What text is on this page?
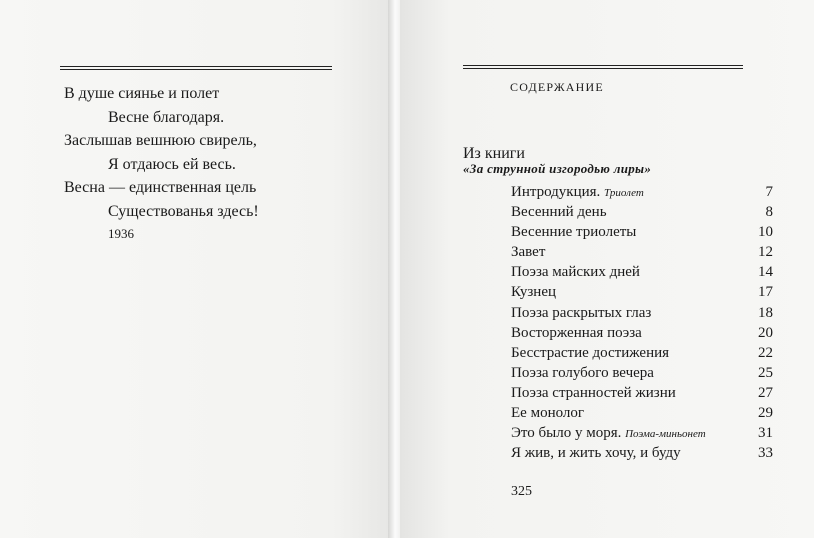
В душе сиянье и полет
Весне благодаря.
Заслышав вешнюю свирель,
Я отдаюсь ей весь.
Весна — единственная цель
Существованья здесь!
1936
СОДЕРЖАНИЕ
Из книги
«За струнной изгородью лиры»
Интродукция. Триолет	7
Весенний день	8
Весенние триолеты	10
Завет	12
Поэза майских дней	14
Кузнец	17
Поэза раскрытых глаз	18
Восторженная поэза	20
Бесстрастие достижения	22
Поэза голубого вечера	25
Поэза странностей жизни	27
Ее монолог	29
Это было у моря. Поэма-миньонет	31
Я жив, и жить хочу, и буду	33
325
